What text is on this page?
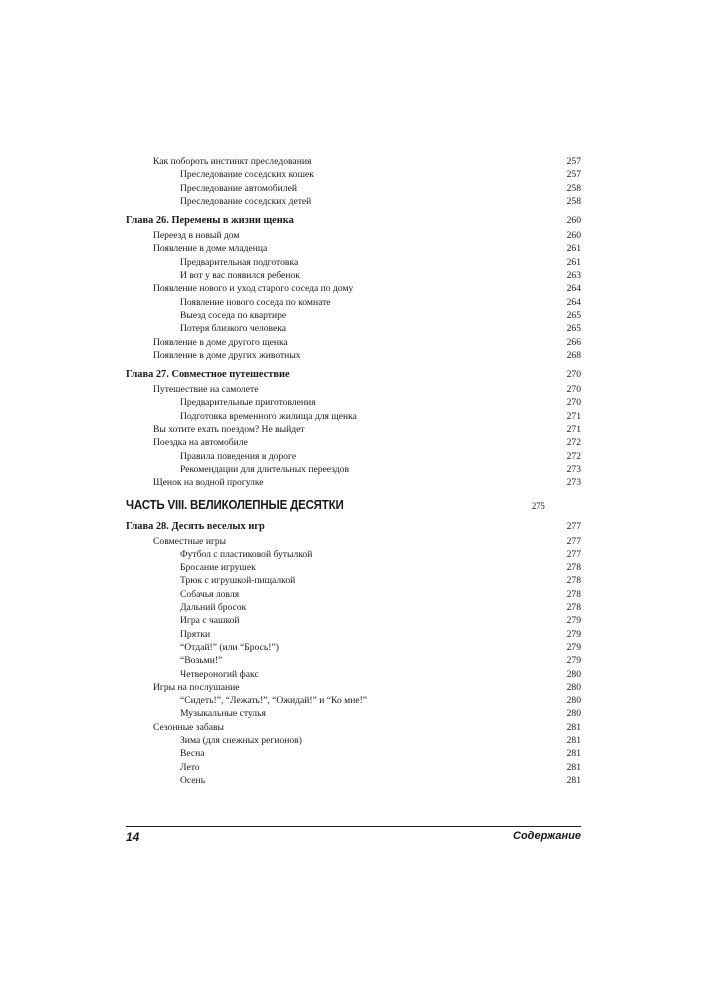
Как побороть инстинкт преследования	257
Преследование соседских кошек	257
Преследование автомобилей	258
Преследование соседских детей	258
Глава 26. Перемены в жизни щенка	260
Переезд в новый дом	260
Появление в доме младенца	261
Предварительная подготовка	261
И вот у вас появился ребенок	263
Появление нового и уход старого соседа по дому	264
Появление нового соседа по комнате	264
Выезд соседа по квартире	265
Потеря близкого человека	265
Появление в доме другого щенка	266
Появление в доме других животных	268
Глава 27. Совместное путешествие	270
Путешествие на самолете	270
Предварительные приготовления	270
Подготовка временного жилища для щенка	271
Вы хотите ехать поездом? Не выйдет	271
Поездка на автомобиле	272
Правила поведения в дороге	272
Рекомендации для длительных переездов	273
Щенок на водной прогулке	273
ЧАСТЬ VIII. ВЕЛИКОЛЕПНЫЕ ДЕСЯТКИ	275
Глава 28. Десять веселых игр	277
Совместные игры	277
Футбол с пластиковой бутылкой	277
Бросание игрушек	278
Трюк с игрушкой-пищалкой	278
Собачья ловля	278
Дальний бросок	278
Игра с чашкой	279
Прятки	279
“Отдай!” (или “Брось!”)	279
“Возьми!”	279
Четвероногий факс	280
Игры на послушание	280
“Сидеть!”, “Лежать!”, “Ожидай!” и “Ко мне!”	280
Музыкальные стулья	280
Сезонные забавы	281
Зима (для снежных регионов)	281
Весна	281
Лето	281
Осень	281
14	Содержание
